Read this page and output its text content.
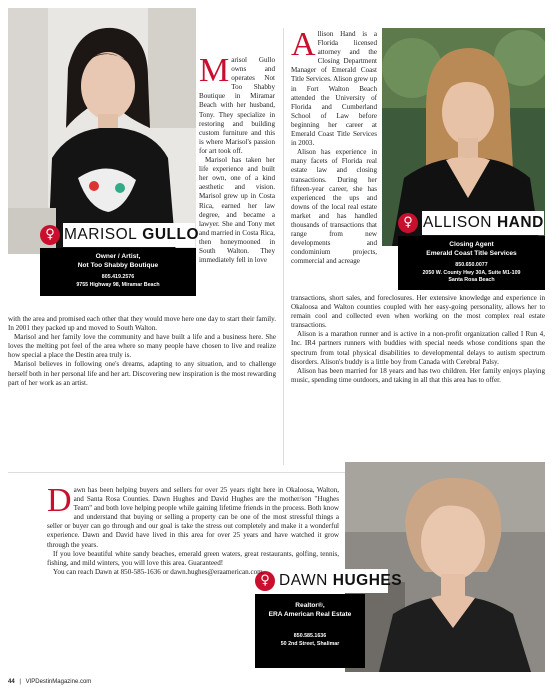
♀ MARISOL GULLO
Owner / Artist,
Not Too Shabby Boutique
805.419.2576
9755 Highway 98, Miramar Beach

Marisol Gullo owns and operates Not Too Shabby Boutique in Miramar Beach with her husband, Tony. They specialize in restoring and building custom furniture and this is where Marisol's passion for art took off.

Marisol has taken her life experience and built her own, one of a kind aesthetic and vision. Marisol grew up in Costa Rica, earned her law degree, and became a lawyer. She and Tony met and married in Costa Rica, then honeymooned in South Walton. They immediately fell in love

with the area and promised each other that they would move here one day to start their family. In 2001 they packed up and moved to South Walton.

Marisol and her family love the community and have built a life and a business here. She loves the melting pot feel of the area where so many people have chosen to live and realize how special a place the Destin area truly is.

Marisol believes in following one's dreams, adapting to any situation, and to challenge herself both in her personal life and her art. Discovering new inspiration is the most rewarding part of her work as an artist.

♀ ALLISON HAND
Closing Agent
Emerald Coast Title Services
850.650.0077
2050 W. County Hwy 30A, Suite M1-109
Santa Rosa Beach

Allison Hand is a Florida licensed attorney and the Closing Department Manager of Emerald Coast Title Services. Alison grew up in Fort Walton Beach attended the University of Florida and Cumberland School of Law before beginning her career at Emerald Coast Title Services in 2003.

Alison has experience in many facets of Florida real estate law and closing transactions. During her fifteen-year career, she has experienced the ups and downs of the local real estate market and has handled thousands of transactions that range from new developments and condominium projects, commercial and acreage

transactions, short sales, and foreclosures. Her extensive knowledge and experience in Okaloosa and Walton counties coupled with her easy-going personality, allows her to remain cool and collected even when working on the most complex real estate transactions.

Alison is a marathon runner and is active in a non-profit organization called I Run 4, Inc. IR4 partners runners with buddies with special needs whose conditions span the spectrum from total physical disabilities to developmental delays to autism spectrum disorders. Alison's buddy is a little boy from Canada with Cerebral Palsy.

Alison has been married for 18 years and has two children. Her family enjoys playing music, spending time outdoors, and taking in all that this area has to offer.

♀ DAWN HUGHES
Realtor®,
ERA American Real Estate
850.585.1636
50 2nd Street, Shalimar

Dawn has been helping buyers and sellers for over 25 years right here in Okaloosa, Walton, and Santa Rosa Counties. Dawn Hughes and David Hughes are the mother/son "Hughes Team" and both love helping people while gaining lifetime friends in the process. Both know and understand that buying or selling a property can be one of the most stressful things a seller or buyer can go through and our goal is take the stress out completely and make it a wonderful experience. Dawn and David have lived in this area for over 25 years and have watched it grow through the years.

If you love beautiful white sandy beaches, emerald green waters, great restaurants, golfing, tennis, fishing, and mild winters, you will love this area. Guaranteed!

You can reach Dawn at 850-585-1636 or dawn.hughes@eraamerican.com.

44 | VIPDestinMagazine.com
